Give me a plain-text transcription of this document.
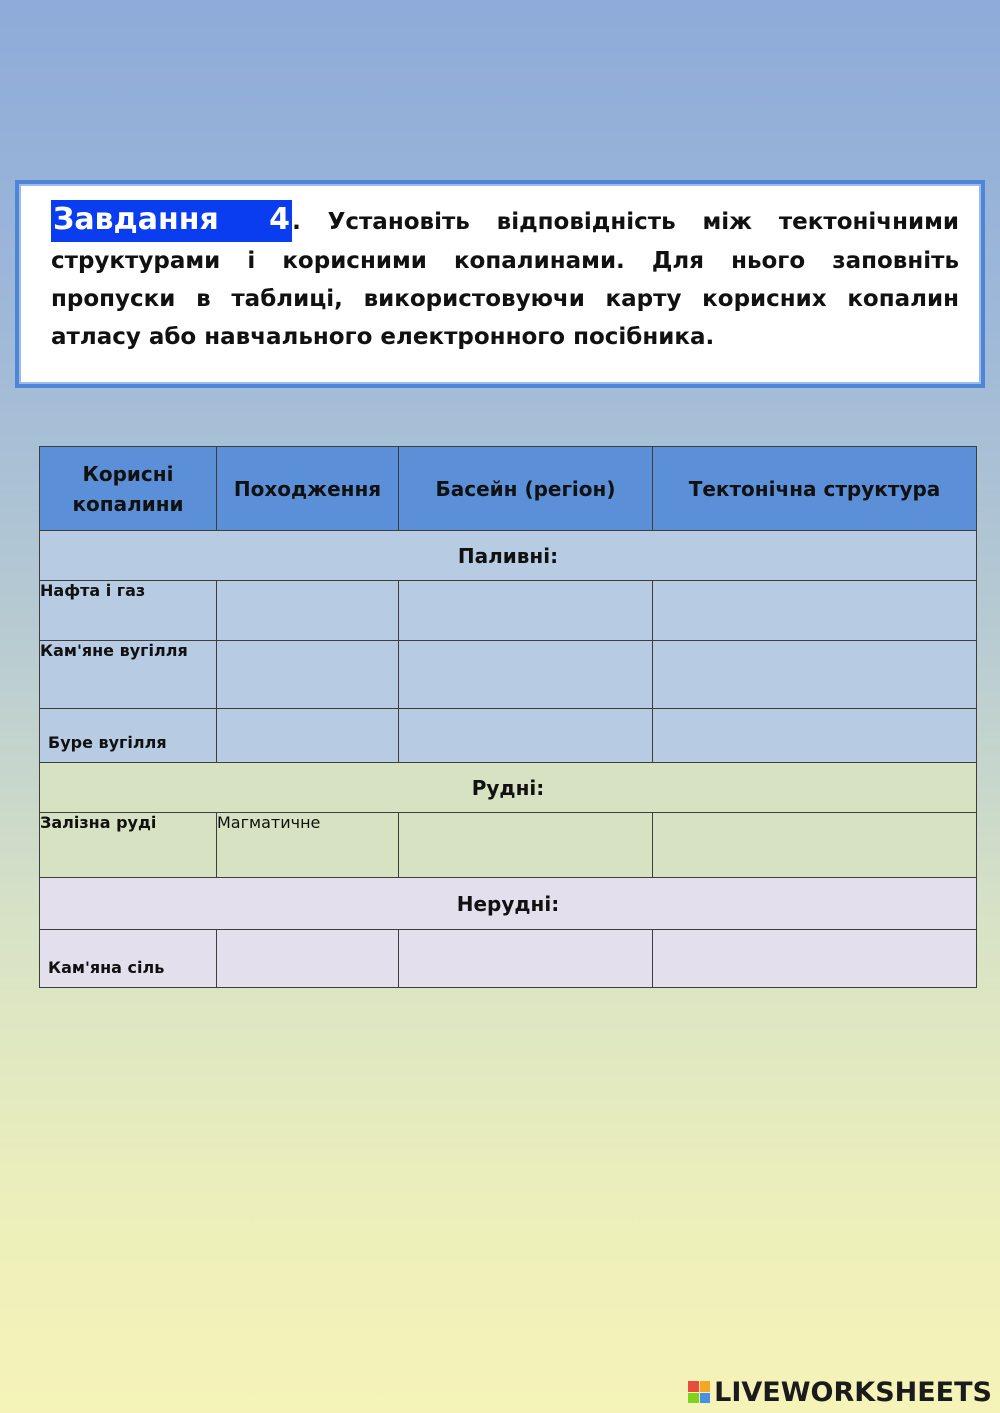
Завдання 4. Установіть відповідність між тектонічними структурами і корисними копалинами. Для нього заповніть пропуски в таблиці, використовуючи карту корисних копалин атласу або навчального електронного посібника.
Корисні копалини	Походження	Басейн (регіон)	Тектонічна структура
Паливні:			
Нафта і газ			
Кам'яне вугілля			
Буре вугілля			
Рудні:			
Залізна руді	Магматичне		
Нерудні:			
Кам'яна сіль			
LIVEWORKSHEETS
